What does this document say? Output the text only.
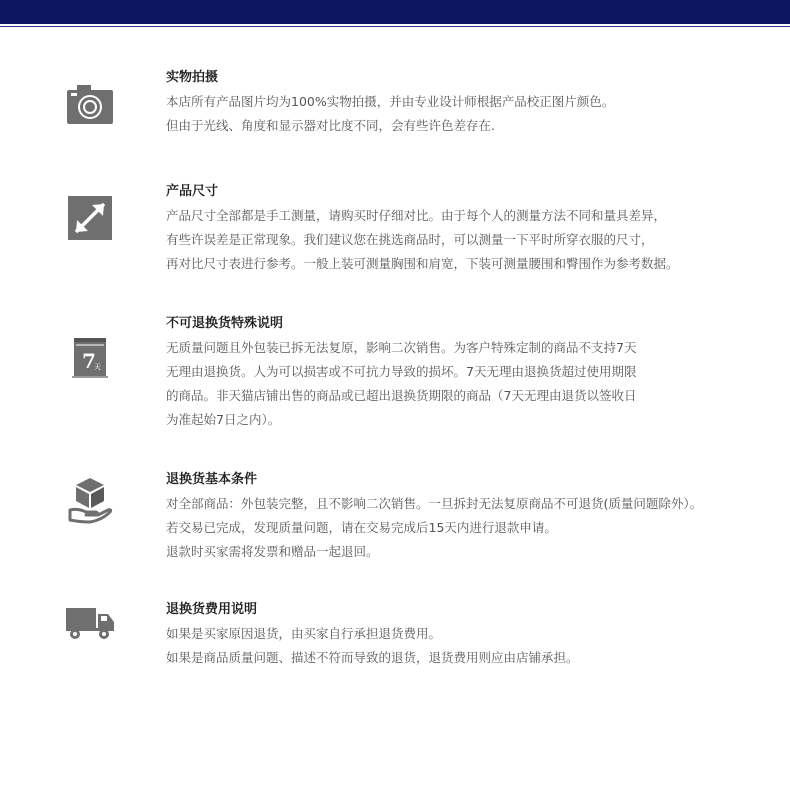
实物拍摄
本店所有产品图片均为100%实物拍摄，并由专业设计师根据产品校正图片颜色。
但由于光线、角度和显示器对比度不同，会有些许色差存在.
产品尺寸
产品尺寸全部都是手工测量，请购买时仔细对比。由于每个人的测量方法不同和量具差异，
有些许误差是正常现象。我们建议您在挑选商品时，可以测量一下平时所穿衣服的尺寸，
再对比尺寸表进行参考。一般上装可测量胸围和肩宽，下装可测量腰围和臀围作为参考数据。
7
天
不可退换货特殊说明
无质量问题且外包装已拆无法复原，影响二次销售。为客户特殊定制的商品不支持7天
无理由退换货。人为可以损害或不可抗力导致的损坏。7天无理由退换货超过使用期限
的商品。非天猫店铺出售的商品或已超出退换货期限的商品（7天无理由退货以签收日
为准起始7日之内）。
退换货基本条件
对全部商品：外包装完整，且不影响二次销售。一旦拆封无法复原商品不可退货(质量问题除外）。
若交易已完成，发现质量问题，请在交易完成后15天内进行退款申请。
退款时买家需将发票和赠品一起退回。
退换货费用说明
如果是买家原因退货，由买家自行承担退货费用。
如果是商品质量问题、描述不符而导致的退货，退货费用则应由店铺承担。
